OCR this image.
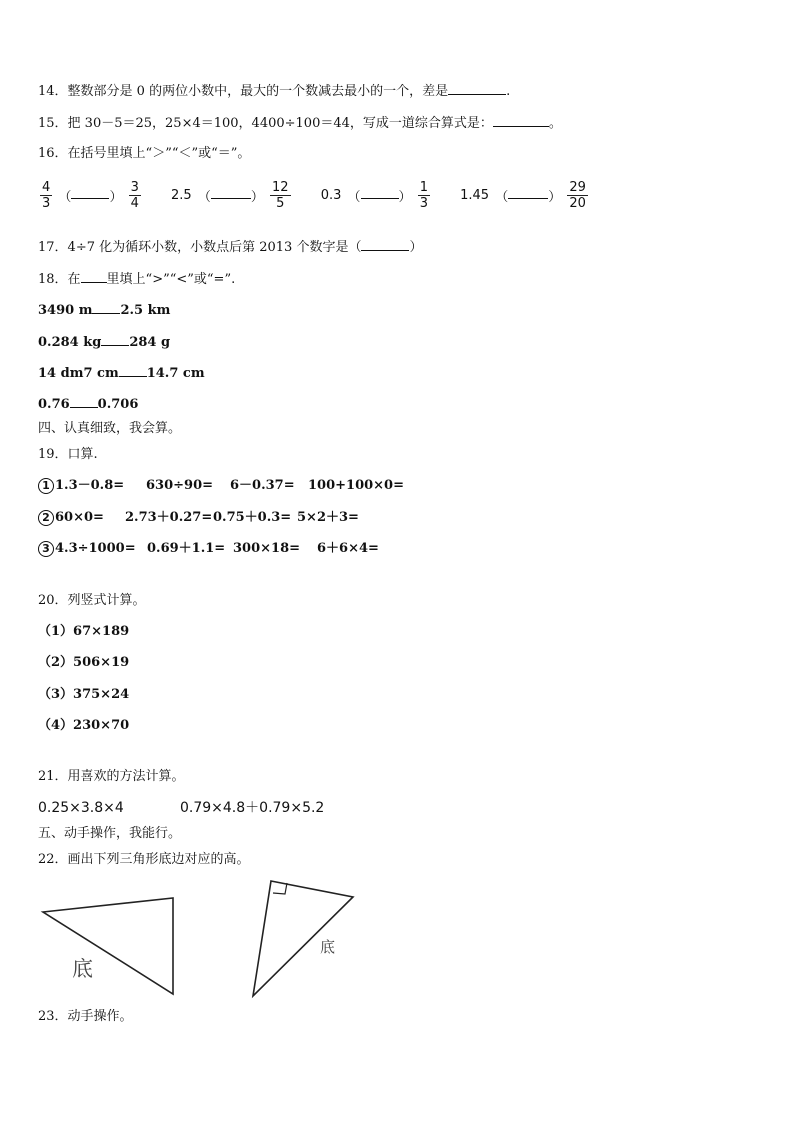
14．整数部分是 0 的两位小数中，最大的一个数减去最小的一个，差是	.
15．把 30－5＝25，25×4＝100，4400÷100＝44，写成一道综合算式是：	。
16．在括号里填上“＞”“＜”或“＝”。
$\frac{4}{3}$ （	） $\frac{3}{4} 2.5$ （	） $\frac{12}{5} 0.3$ （	） $\frac{1}{3} 1.45$ （	） $\frac{29}{20}$
17．4÷7 化为循环小数，小数点后第 2013 个数字是（	）
18．在 里填上“>”“<”或“=”.
3490 m 2.5 km
0.284 kg 284 g
14 dm7 cm 14.7 cm
0.76 0.706
四、认真细致，我会算。
19．口算.
1 1.3－0.8= 630÷90= 6－0.37= 100+100×0=
2 60×0= 2.73＋0.27=0.75＋0.3= 5×2＋3=
3 4.3÷1000= 0.69＋1.1= 300×18= 6＋6×4=
20．列竖式计算。
（1）67×189
（2）506×19
（3）375×24
（4）230×70
21．用喜欢的方法计算。
0.25×3.8×4	0.79×4.8＋0.79×5.2
五、动手操作，我能行。
22．画出下列三角形底边对应的高。
底
底
23．动手操作。
